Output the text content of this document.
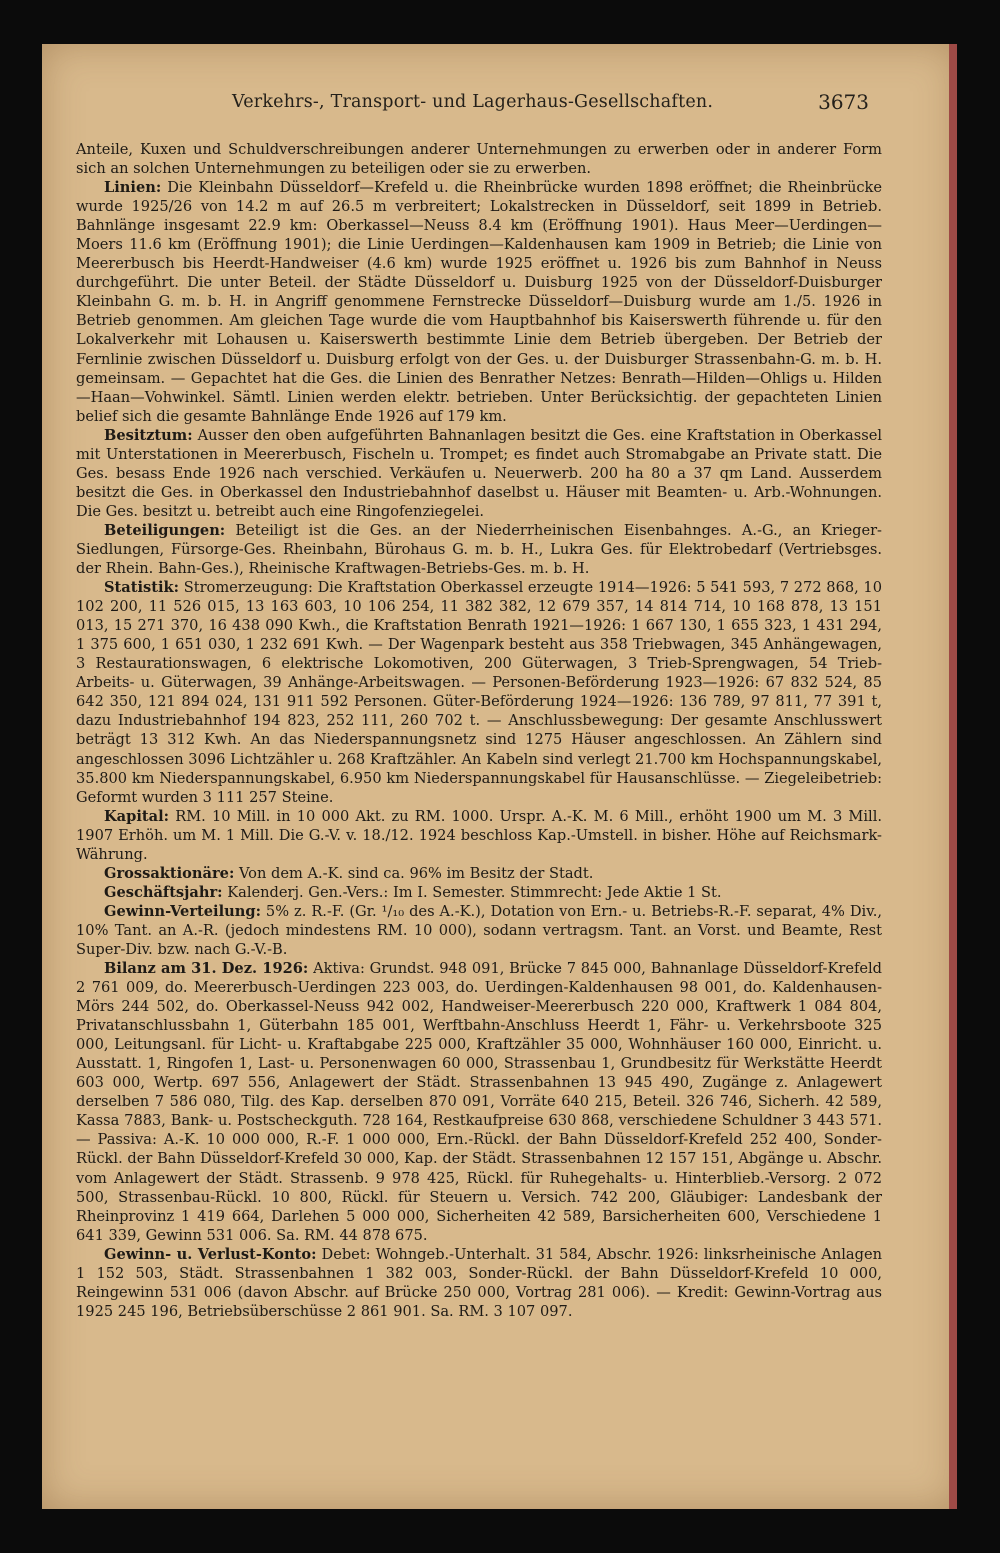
Verkehrs-, Transport- und Lagerhaus-Gesellschaften.	3673

Anteile, Kuxen und Schuldverschreibungen anderer Unternehmungen zu erwerben oder in anderer Form sich an solchen Unternehmungen zu beteiligen oder sie zu erwerben.

Linien: Die Kleinbahn Düsseldorf—Krefeld u. die Rheinbrücke wurden 1898 eröffnet; die Rheinbrücke wurde 1925/26 von 14.2 m auf 26.5 m verbreitert; Lokalstrecken in Düsseldorf, seit 1899 in Betrieb. Bahnlänge insgesamt 22.9 km: Oberkassel—Neuss 8.4 km (Eröffnung 1901). Haus Meer—Uerdingen—Moers 11.6 km (Eröffnung 1901); die Linie Uerdingen—Kaldenhausen kam 1909 in Betrieb; die Linie von Meererbusch bis Heerdt-Handweiser (4.6 km) wurde 1925 eröffnet u. 1926 bis zum Bahnhof in Neuss durchgeführt. Die unter Beteil. der Städte Düsseldorf u. Duisburg 1925 von der Düsseldorf-Duisburger Kleinbahn G. m. b. H. in Angriff genommene Fernstrecke Düsseldorf—Duisburg wurde am 1./5. 1926 in Betrieb genommen. Am gleichen Tage wurde die vom Hauptbahnhof bis Kaiserswerth führende u. für den Lokalverkehr mit Lohausen u. Kaiserswerth bestimmte Linie dem Betrieb übergeben. Der Betrieb der Fernlinie zwischen Düsseldorf u. Duisburg erfolgt von der Ges. u. der Duisburger Strassenbahn-G. m. b. H. gemeinsam. — Gepachtet hat die Ges. die Linien des Benrather Netzes: Benrath—Hilden—Ohligs u. Hilden—Haan—Vohwinkel. Sämtl. Linien werden elektr. betrieben. Unter Berücksichtig. der gepachteten Linien belief sich die gesamte Bahnlänge Ende 1926 auf 179 km.

Besitztum: Ausser den oben aufgeführten Bahnanlagen besitzt die Ges. eine Kraftstation in Oberkassel mit Unterstationen in Meererbusch, Fischeln u. Trompet; es findet auch Stromabgabe an Private statt. Die Ges. besass Ende 1926 nach verschied. Verkäufen u. Neuerwerb. 200 ha 80 a 37 qm Land. Ausserdem besitzt die Ges. in Oberkassel den Industriebahnhof daselbst u. Häuser mit Beamten- u. Arb.-Wohnungen. Die Ges. besitzt u. betreibt auch eine Ringofenziegelei.

Beteiligungen: Beteiligt ist die Ges. an der Niederrheinischen Eisenbahnges. A.-G., an Krieger-Siedlungen, Fürsorge-Ges. Rheinbahn, Bürohaus G. m. b. H., Lukra Ges. für Elektrobedarf (Vertriebsges. der Rhein. Bahn-Ges.), Rheinische Kraftwagen-Betriebs-Ges. m. b. H.

Statistik: Stromerzeugung: Die Kraftstation Oberkassel erzeugte 1914—1926: 5 541 593, 7 272 868, 10 102 200, 11 526 015, 13 163 603, 10 106 254, 11 382 382, 12 679 357, 14 814 714, 10 168 878, 13 151 013, 15 271 370, 16 438 090 Kwh., die Kraftstation Benrath 1921—1926: 1 667 130, 1 655 323, 1 431 294, 1 375 600, 1 651 030, 1 232 691 Kwh. — Der Wagenpark besteht aus 358 Triebwagen, 345 Anhängewagen, 3 Restaurationswagen, 6 elektrische Lokomotiven, 200 Güterwagen, 3 Trieb-Sprengwagen, 54 Trieb-Arbeits- u. Güterwagen, 39 Anhänge-Arbeitswagen. — Personen-Beförderung 1923—1926: 67 832 524, 85 642 350, 121 894 024, 131 911 592 Personen. Güter-Beförderung 1924—1926: 136 789, 97 811, 77 391 t, dazu Industriebahnhof 194 823, 252 111, 260 702 t. — Anschlussbewegung: Der gesamte Anschlusswert beträgt 13 312 Kwh. An das Niederspannungsnetz sind 1275 Häuser angeschlossen. An Zählern sind angeschlossen 3096 Lichtzähler u. 268 Kraftzähler. An Kabeln sind verlegt 21.700 km Hochspannungskabel, 35.800 km Niederspannungskabel, 6.950 km Niederspannungskabel für Hausanschlüsse. — Ziegeleibetrieb: Geformt wurden 3 111 257 Steine.

Kapital: RM. 10 Mill. in 10 000 Akt. zu RM. 1000. Urspr. A.-K. M. 6 Mill., erhöht 1900 um M. 3 Mill. 1907 Erhöh. um M. 1 Mill. Die G.-V. v. 18./12. 1924 beschloss Kap.-Umstell. in bisher. Höhe auf Reichsmark-Währung.

Grossaktionäre: Von dem A.-K. sind ca. 96% im Besitz der Stadt.

Geschäftsjahr: Kalenderj. Gen.-Vers.: Im I. Semester. Stimmrecht: Jede Aktie 1 St.

Gewinn-Verteilung: 5% z. R.-F. (Gr. ¹/₁₀ des A.-K.), Dotation von Ern.- u. Betriebs-R.-F. separat, 4% Div., 10% Tant. an A.-R. (jedoch mindestens RM. 10 000), sodann vertragsm. Tant. an Vorst. und Beamte, Rest Super-Div. bzw. nach G.-V.-B.

Bilanz am 31. Dez. 1926: Aktiva: Grundst. 948 091, Brücke 7 845 000, Bahnanlage Düsseldorf-Krefeld 2 761 009, do. Meererbusch-Uerdingen 223 003, do. Uerdingen-Kaldenhausen 98 001, do. Kaldenhausen-Mörs 244 502, do. Oberkassel-Neuss 942 002, Handweiser-Meererbusch 220 000, Kraftwerk 1 084 804, Privatanschlussbahn 1, Güterbahn 185 001, Werftbahn-Anschluss Heerdt 1, Fähr- u. Verkehrsboote 325 000, Leitungsanl. für Licht- u. Kraftabgabe 225 000, Kraftzähler 35 000, Wohnhäuser 160 000, Einricht. u. Ausstatt. 1, Ringofen 1, Last- u. Personenwagen 60 000, Strassenbau 1, Grundbesitz für Werkstätte Heerdt 603 000, Wertp. 697 556, Anlagewert der Städt. Strassenbahnen 13 945 490, Zugänge z. Anlagewert derselben 7 586 080, Tilg. des Kap. derselben 870 091, Vorräte 640 215, Beteil. 326 746, Sicherh. 42 589, Kassa 7883, Bank- u. Postscheckguth. 728 164, Restkaufpreise 630 868, verschiedene Schuldner 3 443 571. — Passiva: A.-K. 10 000 000, R.-F. 1 000 000, Ern.-Rückl. der Bahn Düsseldorf-Krefeld 252 400, Sonder-Rückl. der Bahn Düsseldorf-Krefeld 30 000, Kap. der Städt. Strassenbahnen 12 157 151, Abgänge u. Abschr. vom Anlagewert der Städt. Strassenb. 9 978 425, Rückl. für Ruhegehalts- u. Hinterblieb.-Versorg. 2 072 500, Strassenbau-Rückl. 10 800, Rückl. für Steuern u. Versich. 742 200, Gläubiger: Landesbank der Rheinprovinz 1 419 664, Darlehen 5 000 000, Sicherheiten 42 589, Barsicherheiten 600, Verschiedene 1 641 339, Gewinn 531 006. Sa. RM. 44 878 675.

Gewinn- u. Verlust-Konto: Debet: Wohngeb.-Unterhalt. 31 584, Abschr. 1926: linksrheinische Anlagen 1 152 503, Städt. Strassenbahnen 1 382 003, Sonder-Rückl. der Bahn Düsseldorf-Krefeld 10 000, Reingewinn 531 006 (davon Abschr. auf Brücke 250 000, Vortrag 281 006). — Kredit: Gewinn-Vortrag aus 1925 245 196, Betriebsüberschüsse 2 861 901. Sa. RM. 3 107 097.
